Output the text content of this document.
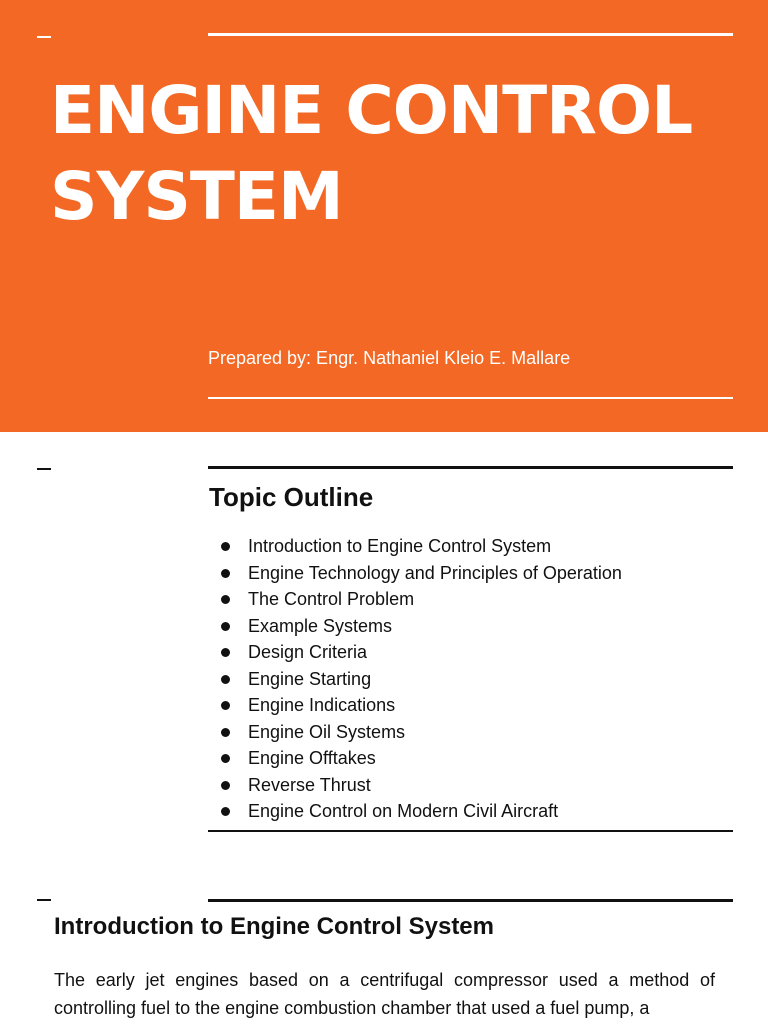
ENGINE CONTROL
SYSTEM
Prepared by: Engr. Nathaniel Kleio E. Mallare
Topic Outline
Introduction to Engine Control System
Engine Technology and Principles of Operation
The Control Problem
Example Systems
Design Criteria
Engine Starting
Engine Indications
Engine Oil Systems
Engine Offtakes
Reverse Thrust
Engine Control on Modern Civil Aircraft
Introduction to Engine Control System

The early jet engines based on a centrifugal compressor used a method of controlling fuel to the engine combustion chamber that used a fuel pump, a
